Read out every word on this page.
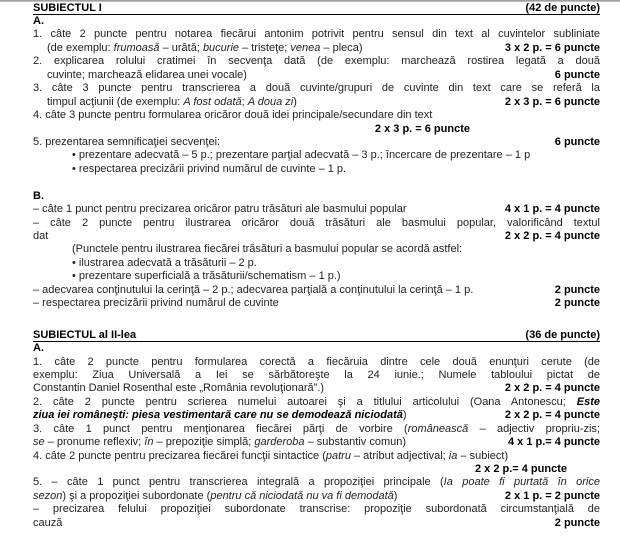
SUBIECTUL I	(42 de puncte)
A.
1. câte 2 puncte pentru notarea fiecărui antonim potrivit pentru sensul din text al cuvintelor subliniate
(de exemplu: frumoasă – urâtă; bucurie – tristeţe; venea – pleca)	3 x 2 p. = 6 puncte
2. explicarea rolului cratimei în secvenţa dată (de exemplu: marchează rostirea legată a două
cuvinte; marchează elidarea unei vocale)	6 puncte
3. câte 3 puncte pentru transcrierea a două cuvinte/grupuri de cuvinte din text care se referă la
timpul acţiunii (de exemplu: A fost odată; A doua zi)	2 x 3 p. = 6 puncte
4. câte 3 puncte pentru formularea oricăror două idei principale/secundare din text
2 x 3 p. = 6 puncte
5. prezentarea semnificaţiei secvenţei:	6 puncte
• prezentare adecvată – 5 p.; prezentare parţial adecvată – 3 p.; încercare de prezentare – 1 p
• respectarea precizării privind numărul de cuvinte – 1 p.
B.
– câte 1 punct pentru precizarea oricăror patru trăsături ale basmului popular	4 x 1 p. = 4 puncte
– câte 2 puncte pentru ilustrarea oricăror două trăsături ale basmului popular, valorificând textul
dat	2 x 2 p. = 4 puncte
(Punctele pentru ilustrarea fiecărei trăsături a basmului popular se acordă astfel:
• ilustrarea adecvată a trăsăturii – 2 p.
• prezentare superficială a trăsăturii/schematism – 1 p.)
– adecvarea conţinutului la cerinţă – 2 p.; adecvarea parţială a conţinutului la cerinţă – 1 p.	2 puncte
– respectarea precizării privind numărul de cuvinte	2 puncte
SUBIECTUL al II-lea	(36 de puncte)
A.
1. câte 2 puncte pentru formularea corectă a fiecăruia dintre cele două enunţuri cerute (de
exemplu: Ziua Universală a Iei se sărbătoreşte la 24 iunie.; Numele tabloului pictat de
Constantin Daniel Rosenthal este „România revoluţionară”.)	2 x 2 p. = 4 puncte
2. câte 2 puncte pentru scrierea numelui autoarei şi a titlului articolului (Oana Antonescu; Este
ziua iei româneşti: piesa vestimentară care nu se demodează niciodată)	2 x 2 p. = 4 puncte
3. câte 1 punct pentru menţionarea fiecărei părţi de vorbire (românească – adjectiv propriu-zis;
se – pronume reflexiv; în – prepoziţie simplă; garderoba – substantiv comun)	4 x 1 p.= 4 puncte
4. câte 2 puncte pentru precizarea fiecărei funcţii sintactice (patru – atribut adjectival; ia – subiect)
2 x 2 p.= 4 puncte
5. – câte 1 punct pentru transcrierea integrală a propoziţiei principale (Ia poate fi purtată în orice
sezon) şi a propoziţiei subordonate (pentru că niciodată nu va fi demodată)	2 x 1 p. = 2 puncte
– precizarea felului propoziţiei subordonate transcrise: propoziţie subordonată circumstanţială de
cauză	2 puncte
